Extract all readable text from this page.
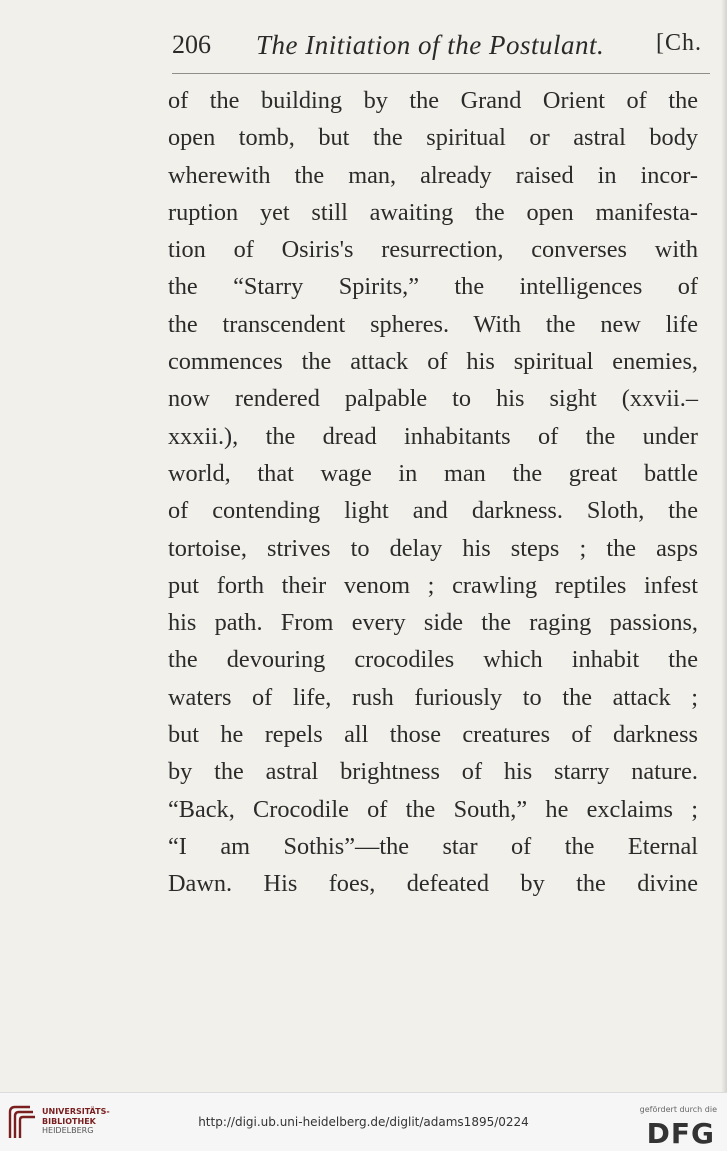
206 The Initiation of the Postulant. [Ch.
of the building by the Grand Orient of the
open tomb, but the spiritual or astral body
wherewith the man, already raised in incor-
ruption yet still awaiting the open manifesta-
tion of Osiris's resurrection, converses with
the “Starry Spirits,” the intelligences of
the transcendent spheres. With the new life
commences the attack of his spiritual enemies,
now rendered palpable to his sight (xxvii.–
xxxii.), the dread inhabitants of the under
world, that wage in man the great battle
of contending light and darkness. Sloth, the
tortoise, strives to delay his steps ; the asps
put forth their venom ; crawling reptiles infest
his path. From every side the raging passions,
the devouring crocodiles which inhabit the
waters of life, rush furiously to the attack ;
but he repels all those creatures of darkness
by the astral brightness of his starry nature.
“Back, Crocodile of the South,” he exclaims ;
“I am Sothis”—the star of the Eternal
Dawn. His foes, defeated by the divine
UNIVERSITÄTS-
BIBLIOTHEK
HEIDELBERG
http://digi.ub.uni-heidelberg.de/diglit/adams1895/0224
gefördert durch die
DFG
